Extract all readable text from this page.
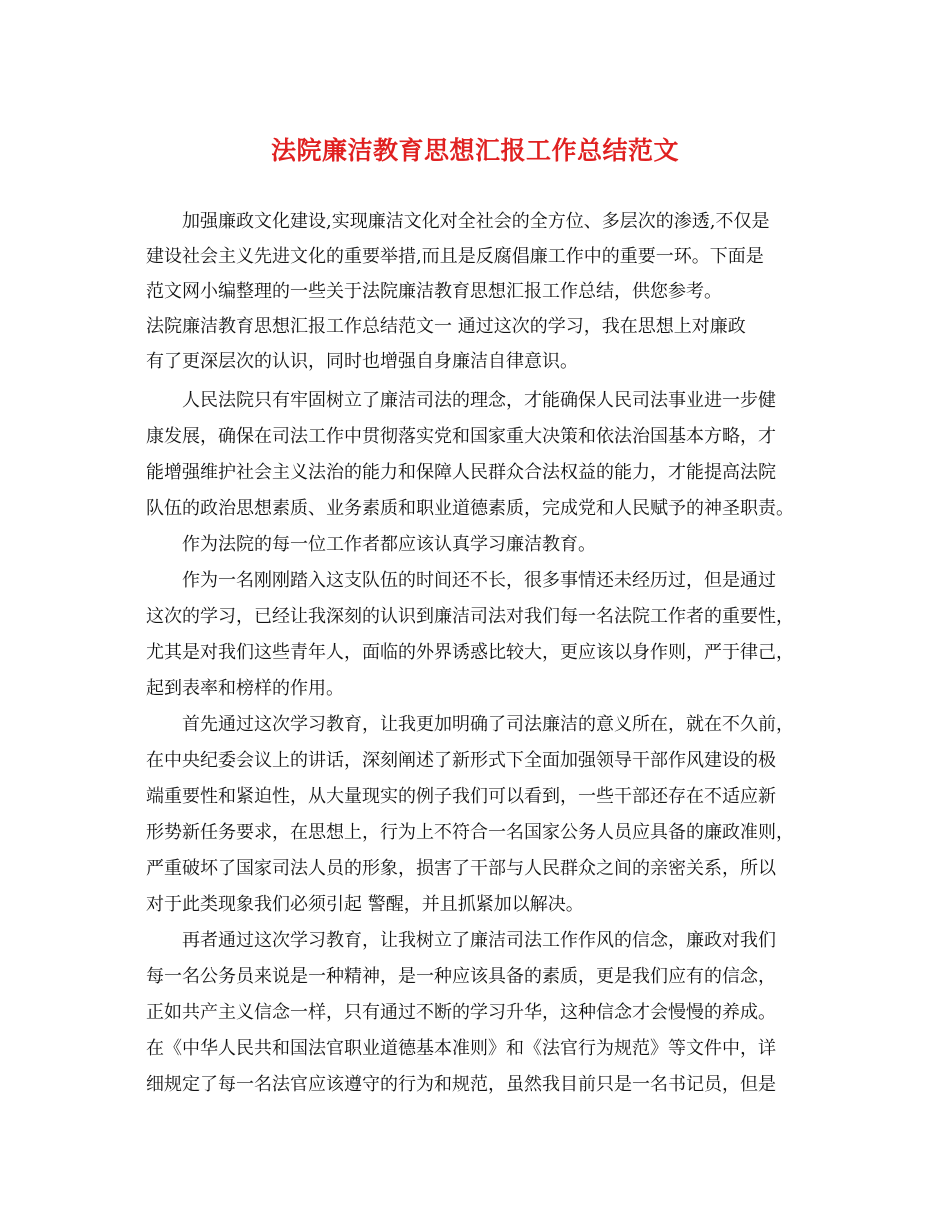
法院廉洁教育思想汇报工作总结范文
加强廉政文化建设,实现廉洁文化对全社会的全方位、多层次的渗透,不仅是
建设社会主义先进文化的重要举措,而且是反腐倡廉工作中的重要一环。下面是
范文网小编整理的一些关于法院廉洁教育思想汇报工作总结，供您参考。
法院廉洁教育思想汇报工作总结范文一 通过这次的学习，我在思想上对廉政
有了更深层次的认识，同时也增强自身廉洁自律意识。
人民法院只有牢固树立了廉洁司法的理念，才能确保人民司法事业进一步健
康发展，确保在司法工作中贯彻落实党和国家重大决策和依法治国基本方略，才
能增强维护社会主义法治的能力和保障人民群众合法权益的能力，才能提高法院
队伍的政治思想素质、业务素质和职业道德素质，完成党和人民赋予的神圣职责。
作为法院的每一位工作者都应该认真学习廉洁教育。
作为一名刚刚踏入这支队伍的时间还不长，很多事情还未经历过，但是通过
这次的学习，已经让我深刻的认识到廉洁司法对我们每一名法院工作者的重要性，
尤其是对我们这些青年人，面临的外界诱惑比较大，更应该以身作则，严于律己，
起到表率和榜样的作用。
首先通过这次学习教育，让我更加明确了司法廉洁的意义所在，就在不久前，
在中央纪委会议上的讲话，深刻阐述了新形式下全面加强领导干部作风建设的极
端重要性和紧迫性，从大量现实的例子我们可以看到，一些干部还存在不适应新
形势新任务要求，在思想上，行为上不符合一名国家公务人员应具备的廉政准则，
严重破坏了国家司法人员的形象，损害了干部与人民群众之间的亲密关系，所以
对于此类现象我们必须引起 警醒，并且抓紧加以解决。
再者通过这次学习教育，让我树立了廉洁司法工作作风的信念，廉政对我们
每一名公务员来说是一种精神，是一种应该具备的素质，更是我们应有的信念，
正如共产主义信念一样，只有通过不断的学习升华，这种信念才会慢慢的养成。
在《中华人民共和国法官职业道德基本准则》和《法官行为规范》等文件中，详
细规定了每一名法官应该遵守的行为和规范，虽然我目前只是一名书记员，但是
